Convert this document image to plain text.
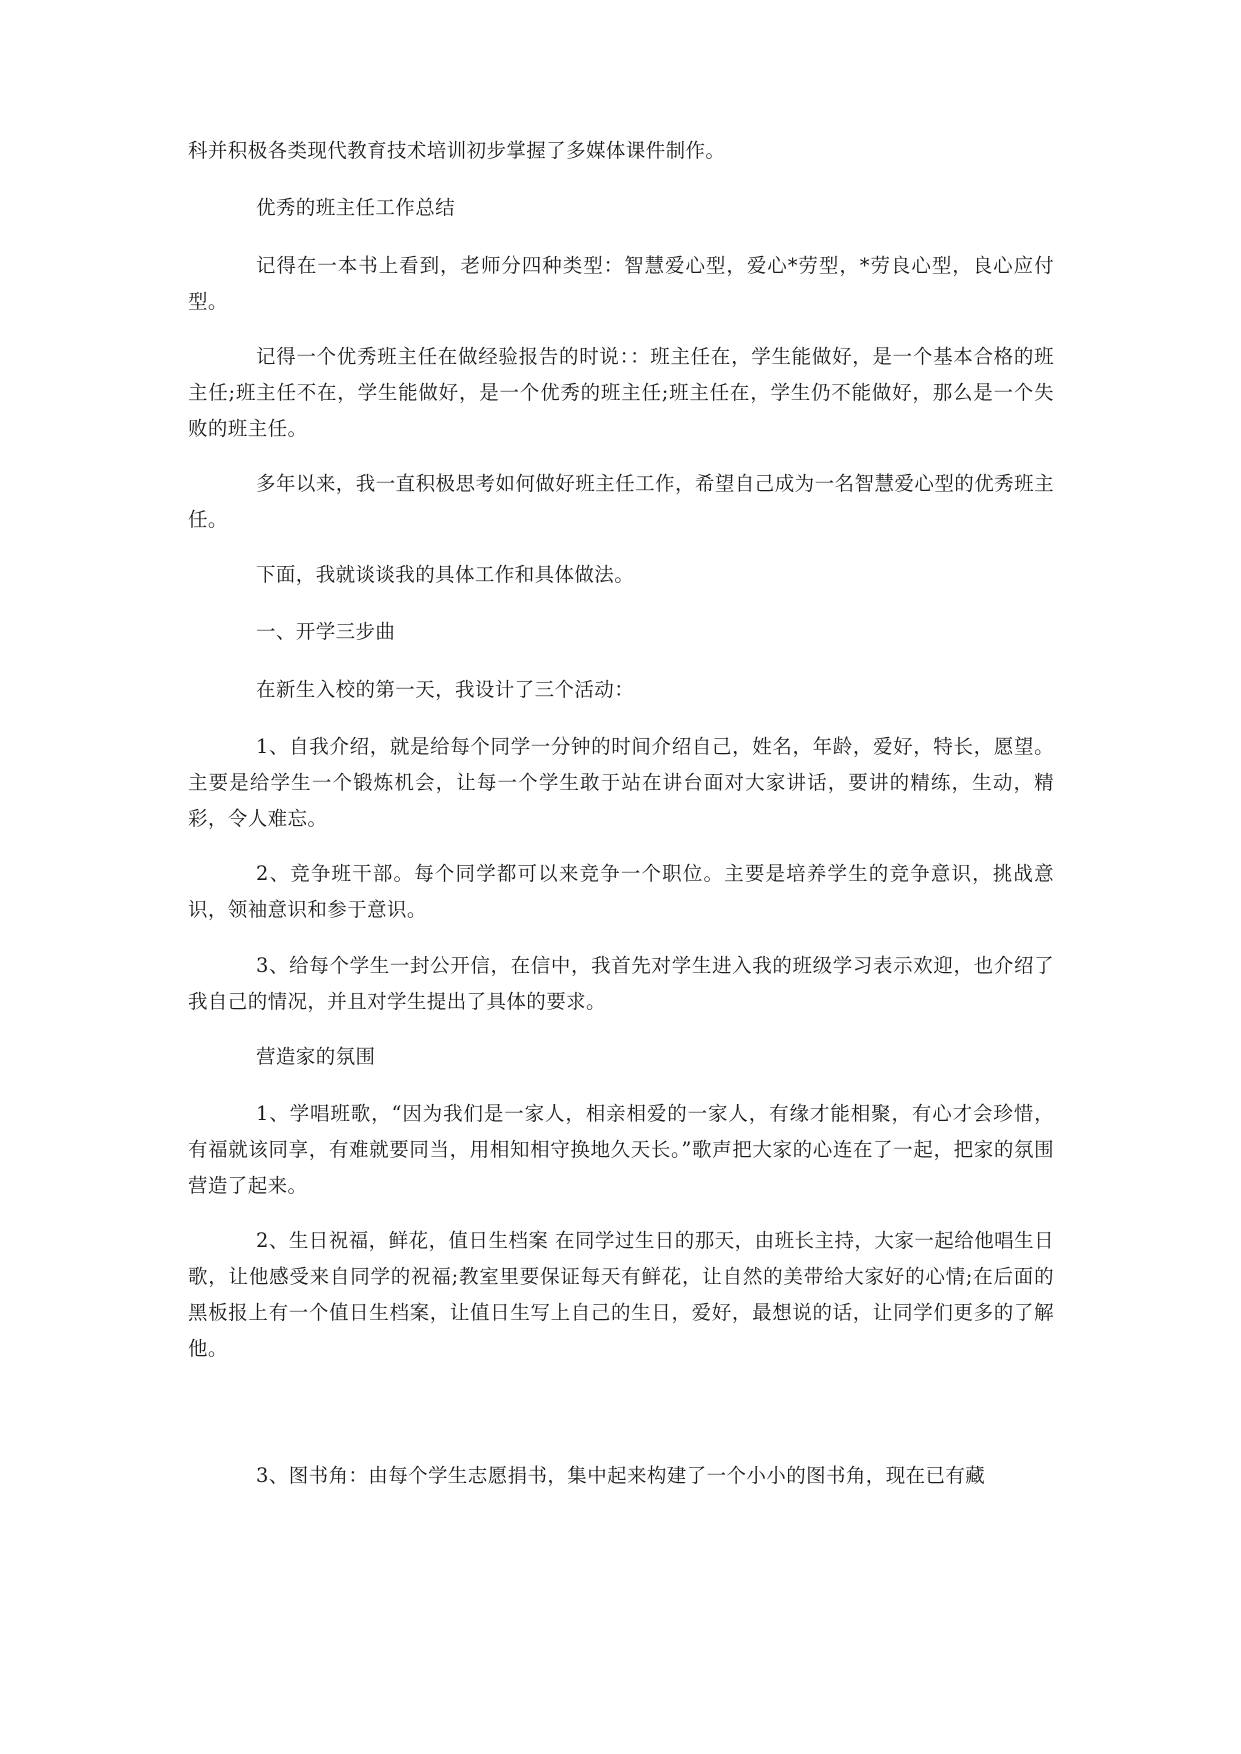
科并积极各类现代教育技术培训初步掌握了多媒体课件制作。

优秀的班主任工作总结

记得在一本书上看到，老师分四种类型：智慧爱心型，爱心*劳型，*劳良心型，良心应付型。

记得一个优秀班主任在做经验报告的时说：：班主任在，学生能做好，是一个基本合格的班主任;班主任不在，学生能做好，是一个优秀的班主任;班主任在，学生仍不能做好，那么是一个失败的班主任。

多年以来，我一直积极思考如何做好班主任工作，希望自己成为一名智慧爱心型的优秀班主任。

下面，我就谈谈我的具体工作和具体做法。

一、开学三步曲

在新生入校的第一天，我设计了三个活动：

1、自我介绍，就是给每个同学一分钟的时间介绍自己，姓名，年龄，爱好，特长，愿望。主要是给学生一个锻炼机会，让每一个学生敢于站在讲台面对大家讲话，要讲的精练，生动，精彩，令人难忘。

2、竞争班干部。每个同学都可以来竞争一个职位。主要是培养学生的竞争意识，挑战意识，领袖意识和参于意识。

3、给每个学生一封公开信，在信中，我首先对学生进入我的班级学习表示欢迎，也介绍了我自己的情况，并且对学生提出了具体的要求。

营造家的氛围

1、学唱班歌，“因为我们是一家人，相亲相爱的一家人，有缘才能相聚，有心才会珍惜，有福就该同享，有难就要同当，用相知相守换地久天长。”歌声把大家的心连在了一起，把家的氛围营造了起来。

2、生日祝福，鲜花，值日生档案 在同学过生日的那天，由班长主持，大家一起给他唱生日歌，让他感受来自同学的祝福;教室里要保证每天有鲜花，让自然的美带给大家好的心情;在后面的黑板报上有一个值日生档案，让值日生写上自己的生日，爱好，最想说的话，让同学们更多的了解他。

3、图书角：由每个学生志愿捐书，集中起来构建了一个小小的图书角，现在已有藏
